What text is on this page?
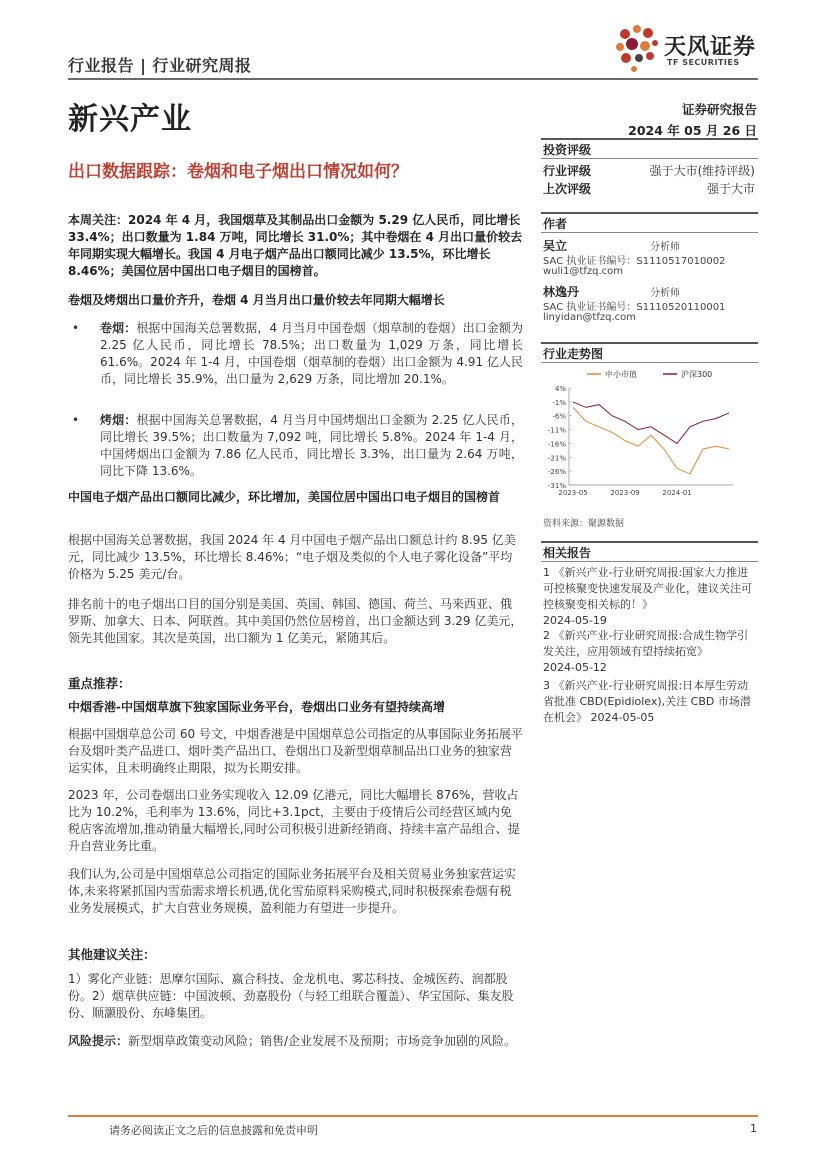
行业报告 | 行业研究周报
天风证券
TF SECURITIES
新兴产业	证券研究报告
2024 年 05 月 26 日
出口数据跟踪：卷烟和电子烟出口情况如何？
投资评级
行业评级	强于大市(维持评级)
上次评级	强于大市
作者
吴立	分析师
SAC 执业证书编号：S1110517010002
wuli1@tfzq.com
林逸丹	分析师
SAC 执业证书编号：S1110520110001
linyidan@tfzq.com
行业走势图
4%
-1%
-6%
-11%
-16%
-21%
-26%
-31%
2023-05	2023-09	2024-01
中小市值	沪深300
资料来源：聚源数据
相关报告
1 《新兴产业-行业研究周报:国家大力推进可控核聚变快速发展及产业化，建议关注可控核聚变相关标的！》
2024-05-19
2 《新兴产业-行业研究周报:合成生物学引发关注，应用领域有望持续拓宽》
2024-05-12
3 《新兴产业-行业研究周报:日本厚生劳动省批准 CBD(Epidiolex),关注 CBD 市场潜在机会》 2024-05-05
本周关注：2024 年 4 月，我国烟草及其制品出口金额为 5.29 亿人民币，同比增长 33.4%；出口数量为 1.84 万吨，同比增长 31.0%；其中卷烟在 4 月出口量价较去年同期实现大幅增长。我国 4 月电子烟产品出口额同比减少 13.5%，环比增长 8.46%；美国位居中国出口电子烟目的国榜首。
卷烟及烤烟出口量价齐升，卷烟 4 月当月出口量价较去年同期大幅增长
• 卷烟：根据中国海关总署数据，4 月当月中国卷烟（烟草制的卷烟）出口金额为 2.25 亿人民币，同比增长 78.5%；出口数量为 1,029 万条，同比增长 61.6%。2024 年 1-4 月，中国卷烟（烟草制的卷烟）出口金额为 4.91 亿人民币，同比增长 35.9%，出口量为 2,629 万条，同比增加 20.1%。
• 烤烟：根据中国海关总署数据，4 月当月中国烤烟出口金额为 2.25 亿人民币，同比增长 39.5%；出口数量为 7,092 吨，同比增长 5.8%。2024 年 1-4 月，中国烤烟出口金额为 7.86 亿人民币，同比增长 3.3%，出口量为 2.64 万吨，同比下降 13.6%。
中国电子烟产品出口额同比减少，环比增加，美国位居中国出口电子烟目的国榜首
根据中国海关总署数据，我国 2024 年 4 月中国电子烟产品出口额总计约 8.95 亿美元，同比减少 13.5%，环比增长 8.46%；“电子烟及类似的个人电子雾化设备”平均价格为 5.25 美元/台。
排名前十的电子烟出口目的国分别是美国、英国、韩国、德国、荷兰、马来西亚、俄罗斯、加拿大、日本、阿联酋。其中美国仍然位居榜首，出口金额达到 3.29 亿美元，领先其他国家。其次是英国，出口额为 1 亿美元，紧随其后。
重点推荐：
中烟香港-中国烟草旗下独家国际业务平台，卷烟出口业务有望持续高增
根据中国烟草总公司 60 号文，中烟香港是中国烟草总公司指定的从事国际业务拓展平台及烟叶类产品进口、烟叶类产品出口、卷烟出口及新型烟草制品出口业务的独家营运实体，且未明确终止期限，拟为长期安排。
2023 年，公司卷烟出口业务实现收入 12.09 亿港元，同比大幅增长 876%，营收占比为 10.2%，毛利率为 13.6%，同比+3.1pct，主要由于疫情后公司经营区域内免税店客流增加,推动销量大幅增长,同时公司积极引进新经销商、持续丰富产品组合、提升自营业务比重。
我们认为,公司是中国烟草总公司指定的国际业务拓展平台及相关贸易业务独家营运实体,未来将紧抓国内雪茄需求增长机遇,优化雪茄原料采购模式,同时积极探索卷烟有税业务发展模式，扩大自营业务规模，盈利能力有望进一步提升。
其他建议关注：
1）雾化产业链：思摩尔国际、嬴合科技、金龙机电、雾芯科技、金城医药、润都股份。2）烟草供应链：中国波顿、劲嘉股份（与轻工组联合覆盖）、华宝国际、集友股份、顺灏股份、东峰集团。
风险提示：新型烟草政策变动风险；销售/企业发展不及预期；市场竞争加剧的风险。
请务必阅读正文之后的信息披露和免责申明	1
